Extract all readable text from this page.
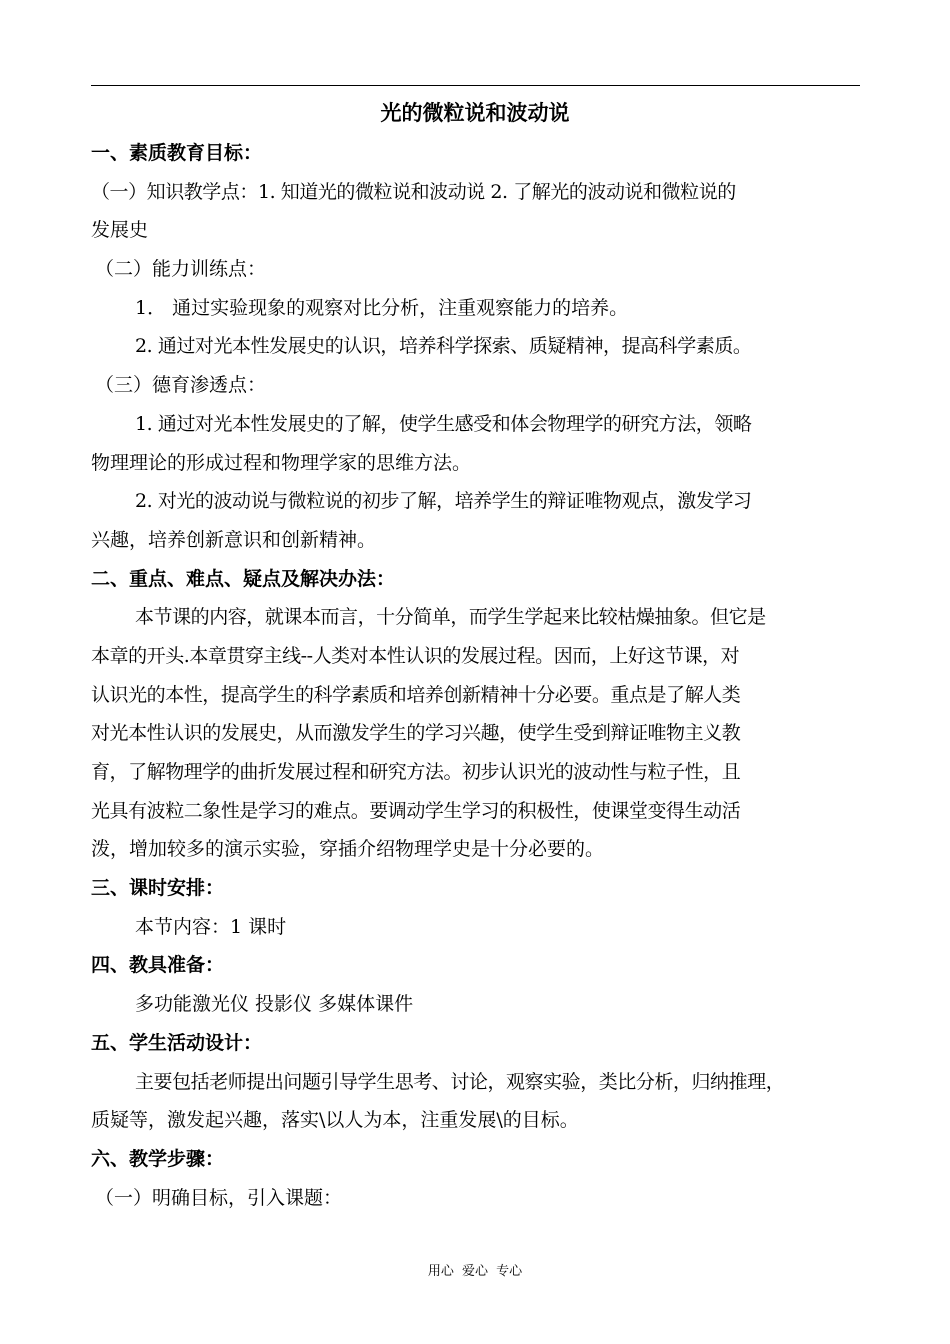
光的微粒说和波动说
一、素质教育目标：
（一）知识教学点：1. 知道光的微粒说和波动说 2. 了解光的波动说和微粒说的
发展史
（二）能力训练点：
1． 通过实验现象的观察对比分析，注重观察能力的培养。
2. 通过对光本性发展史的认识，培养科学探索、质疑精神，提高科学素质。
（三）德育渗透点：
1. 通过对光本性发展史的了解，使学生感受和体会物理学的研究方法，领略
物理理论的形成过程和物理学家的思维方法。
2. 对光的波动说与微粒说的初步了解，培养学生的辩证唯物观点，激发学习
兴趣，培养创新意识和创新精神。
二、重点、难点、疑点及解决办法：
本节课的内容，就课本而言，十分简单，而学生学起来比较枯燥抽象。但它是
本章的开头.本章贯穿主线--人类对本性认识的发展过程。因而，上好这节课，对
认识光的本性，提高学生的科学素质和培养创新精神十分必要。重点是了解人类
对光本性认识的发展史，从而激发学生的学习兴趣，使学生受到辩证唯物主义教
育，了解物理学的曲折发展过程和研究方法。初步认识光的波动性与粒子性，且
光具有波粒二象性是学习的难点。要调动学生学习的积极性，使课堂变得生动活
泼，增加较多的演示实验，穿插介绍物理学史是十分必要的。
三、课时安排：
本节内容：1 课时
四、教具准备：
多功能激光仪 投影仪 多媒体课件
五、学生活动设计：
主要包括老师提出问题引导学生思考、讨论，观察实验，类比分析，归纳推理，
质疑等，激发起兴趣，落实\以人为本，注重发展\的目标。
六、教学步骤：
（一）明确目标，引入课题：
用心 爱心 专心
